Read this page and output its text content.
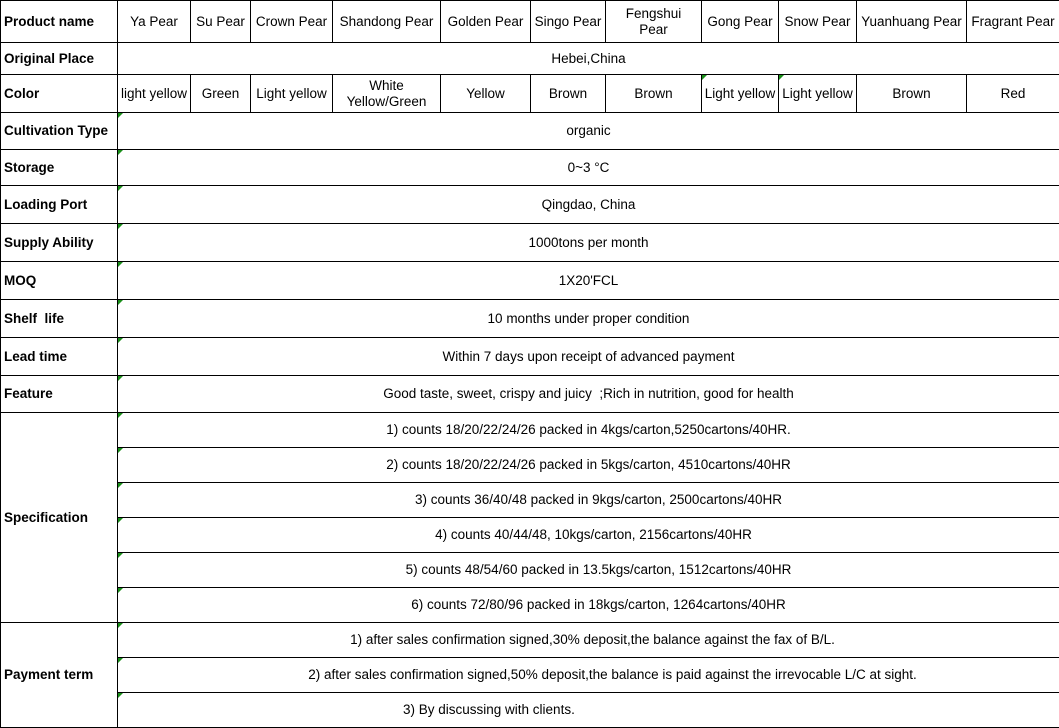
Product name	Ya Pear	Su Pear	Crown Pear	Shandong Pear	Golden Pear	Singo Pear	Fengshui Pear	Gong Pear	Snow Pear	Yuanhuang Pear	Fragrant Pear
Original Place	Hebei,China										
Color	light yellow	Green	Light yellow	White Yellow/Green	Yellow	Brown	Brown	Light yellow	Light yellow	Brown	Red
Cultivation Type	organic										
Storage	0~3 °C										
Loading Port	Qingdao, China										
Supply Ability	1000tons per month										
MOQ	1X20'FCL										
Shelf  life	10 months under proper condition										
Lead time	Within 7 days upon receipt of advanced payment										
Feature	Good taste, sweet, crispy and juicy  ;Rich in nutrition, good for health										
Specification	1) counts 18/20/22/24/26 packed in 4kgs/carton,5250cartons/40HR.										
	2) counts 18/20/22/24/26 packed in 5kgs/carton, 4510cartons/40HR										
	3) counts 36/40/48 packed in 9kgs/carton, 2500cartons/40HR										
	4) counts 40/44/48, 10kgs/carton, 2156cartons/40HR										
	5) counts 48/54/60 packed in 13.5kgs/carton, 1512cartons/40HR										
	6) counts 72/80/96 packed in 18kgs/carton, 1264cartons/40HR										
Payment term	1) after sales confirmation signed,30% deposit,the balance against the fax of B/L.										
	2) after sales confirmation signed,50% deposit,the balance is paid against the irrevocable L/C at sight.										
	3) By discussing with clients.										
